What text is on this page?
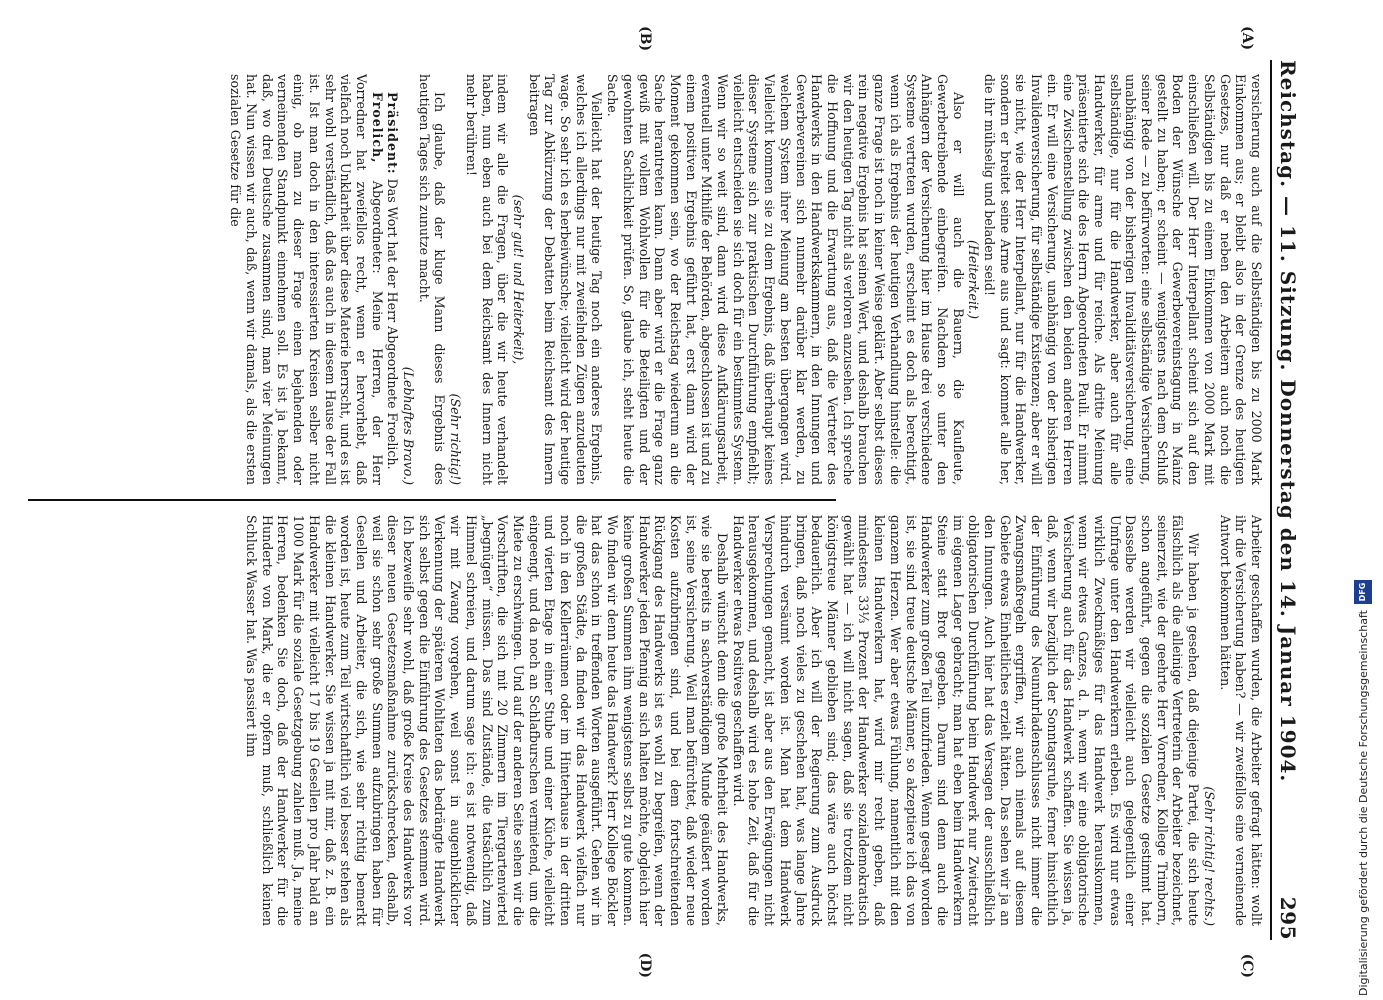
Reichstag. — 11. Sitzung. Donnerstag den 14. Januar 1904.
295
(A)
(B)

versicherung auch auf die Selbständigen bis zu 2000 Mark Einkommen aus; er bleibt also in der Grenze des heutigen Gesetzes, nur daß er neben den Arbeitern auch noch die Selbständigen bis zu einem Einkommen von 2000 Mark mit einschließen will. Der Herr Interpellant scheint sich auf den Boden der Wünsche der Gewerbevereinstagung in Mainz gestellt zu haben; er scheint — wenigstens nach dem Schluß seiner Rede — zu befürworten: eine selbständige Versicherung, unabhängig von der bisherigen Invaliditätsversicherung, eine selbständige, nur für die Handwerker, aber auch für alle Handwerker, für arme und für reiche. Als dritte Meinung präsentierte sich die des Herrn Abgeordneten Pauli. Er nimmt eine Zwischenstellung zwischen den beiden anderen Herren ein. Er will eine Versicherung, unabhängig von der bisherigen Invalidenversicherung, für selbständige Existenzen; aber er will sie nicht, wie der Herr Interpellant, nur für die Handwerker, sondern er breitet seine Arme aus und sagt: kommet alle her, die ihr mühselig und beladen seid!

(Heiterkeit.)

Also er will auch die Bauern, die Kaufleute, Gewerbetreibende einbegreifen. Nachdem so unter den Anhängern der Versicherung hier im Hause drei verschiedene Systeme vertreten wurden, erscheint es doch als berechtigt, wenn ich als Ergebnis der heutigen Verhandlung hinstelle: die ganze Frage ist noch in keiner Weise geklärt. Aber selbst dieses rein negative Ergebnis hat seinen Wert, und deshalb brauchen wir den heutigen Tag nicht als verloren anzusehen. Ich spreche die Hoffnung und die Erwartung aus, daß die Vertreter des Handwerks in den Handwerkskammern, in den Innungen und Gewerbevereinen sich nunmehr darüber klar werden, zu welchem System ihrer Meinung am besten übergangen wird. Vielleicht kommen sie zu dem Ergebnis, daß überhaupt keines dieser Systeme sich zur praktischen Durchführung empfiehlt; vielleicht entscheiden sie sich doch für ein bestimmtes System. Wenn wir so weit sind, dann wird diese Aufklärungsarbeit, eventuell unter Mithilfe der Behörden, abgeschlossen ist und zu einem positiven Ergebnis geführt hat, erst dann wird der Moment gekommen sein, wo der Reichstag wiederum an die Sache herantreten kann. Dann aber wird er die Frage ganz gewiß mit vollem Wohlwollen für die Beteiligten und der gewohnten Sachlichkeit prüfen. So, glaube ich, steht heute die Sache.

Vielleicht hat der heutige Tag noch ein anderes Ergebnis, welches ich allerdings nur mit zweifelnden Zügen anzudeuten wage. So sehr ich es herbeiwünsche; vielleicht wird der heutige Tag zur Abkürzung der Debatten beim Reichsamt des Innern beitragen

(sehr gut! und Heiterkeit),

indem wir alle die Fragen, über die wir heute verhandelt haben, nun eben auch bei dem Reichsamt des Innern nicht mehr berühren!

(Sehr richtig!)

Ich glaube, daß der kluge Mann dieses Ergebnis des heutigen Tages sich zunutze macht.

(Lebhaftes Bravo.)

Präsident: Das Wort hat der Herr Abgeordnete Froelich.

Froelich, Abgeordneter: Meine Herren, der Herr Vorredner hat zweifellos recht, wenn er hervorhebt, daß vielfach noch Unklarheit über diese Materie herrscht, und es ist sehr wohl verständlich, daß das auch in diesem Hause der Fall ist. Ist man doch in den interessierten Kreisen selber nicht einig, ob man zu dieser Frage einen bejahenden oder verneinenden Standpunkt einnehmen soll. Es ist ja bekannt, daß, wo drei Deutsche zusammen sind, man vier Meinungen hat. Nun wissen wir auch, daß, wenn wir damals, als die ersten sozialen Gesetze für die

(C)
(D)

Arbeiter geschaffen wurden, die Arbeiter gefragt hätten: wollt ihr die Versicherung haben? — wir zweifellos eine verneinende Antwort bekommen hätten.

(Sehr richtig! rechts.)

Wir haben ja gesehen, daß diejenige Partei, die sich heute fälschlich als die alleinige Vertreterin der Arbeiter bezeichnet, seinerzeit, wie der geehrte Herr Vorredner, Kollege Trimborn, schon angeführt, gegen die sozialen Gesetze gestimmt hat. Dasselbe werden wir vielleicht auch gelegentlich einer Umfrage unter den Handwerkern erleben. Es wird nur etwas wirklich Zweckmäßiges für das Handwerk herauskommen, wenn wir etwas Ganzes, d. h. wenn wir eine obligatorische Versicherung auch für das Handwerk schaffen. Sie wissen ja, daß, wenn wir bezüglich der Sonntagsruhe, ferner hinsichtlich der Einführung des Neunuhrladenschlusses nicht immer die Zwangsmaßregeln ergriffen, wir auch niemals auf diesem Gebiete etwas Einheitliches erzielt hätten. Das sehen wir ja an den Innungen. Auch hier hat das Versagen der ausschließlich obligatorischen Durchführung beim Handwerk nur Zwietracht im eigenen Lager gebracht; man hat eben beim Handwerkern Steine statt Brot gegeben. Darum sind denn auch die Handwerker zum großen Teil unzufrieden. Wenn gesagt worden ist, sie sind treue deutsche Männer, so akzeptiere ich das von ganzem Herzen. Wer aber etwas Fühlung, namentlich mit den kleinen Handwerkern hat, wird mir recht geben, daß mindestens 33⅓ Prozent der Handwerker sozialdemokratisch gewählt hat — ich will nicht sagen, daß sie trotzdem nicht königstreue Männer geblieben sind; das wäre auch höchst bedauerlich. Aber ich will der Regierung zum Ausdruck bringen, daß noch vieles zu geschehen hat, was lange Jahre hindurch versäumt worden ist. Man hat dem Handwerk Versprechungen gemacht, ist aber aus den Erwägungen nicht herausgekommen, und deshalb wird es hohe Zeit, daß für die Handwerker etwas Positives geschaffen wird.

Deshalb wünscht denn die große Mehrheit des Handwerks, wie sie bereits in sachverständigem Munde geäußert worden ist, seine Versicherung. Weil man befürchtet, daß wieder neue Kosten aufzubringen sind, und bei dem fortschreitenden Rückgang des Handwerks ist es wohl zu begreifen, wenn der Handwerker jeden Pfennig an sich halten möchte, obgleich hier keine großen Summen ihm wenigstens selbst zu gute kommen. Wo finden wir denn heute das Handwerk? Herr Kollege Böckler hat das schon in treffenden Worten ausgeführt. Gehen wir in die großen Städte, da finden wir das Handwerk vielfach nur noch in den Kellerräumen oder im Hinterhause in der dritten und vierten Etage in einer Stube und einer Küche, vielleicht eingeengt, und da noch an Schlafburschen vermietend, um die Miete zu erschwingen. Und auf der anderen Seite sehen wir die Vorschriften, die sich mit 20 Zimmern im Tiergartenviertel „begnügen“ müssen. Das sind Zustände, die tatsächlich zum Himmel schreien, und darum sage ich: es ist notwendig, daß wir mit Zwang vorgehen, weil sonst in augenblicklicher Verkennung der späteren Wohltaten das bedrängte Handwerk sich selbst gegen die Einführung des Gesetzes stemmen wird. Ich bezweifle sehr wohl, daß große Kreise des Handwerks vor dieser neuen Gesetzesmaßnahme zurückschrecken, deshalb, weil sie schon sehr große Summen aufzubringen haben für Gesellen und Arbeiter, die sich, wie sehr richtig bemerkt worden ist, heute zum Teil wirtschaftlich viel besser stehen als die kleinen Handwerker. Sie wissen ja mit mir, daß z. B. ein Handwerker mit vielleicht 17 bis 19 Gesellen pro Jahr bald an 1000 Mark für die soziale Gesetzgebung zahlen muß. Ja, meine Herren, bedenken Sie doch, daß der Handwerker für die Hunderte von Mark, die er opfern muß, schließlich keinen Schluck Wasser hat. Was passiert ihm	Digitalisierung gefördert durch die Deutsche Forschungsgemeinschaft
DFG
